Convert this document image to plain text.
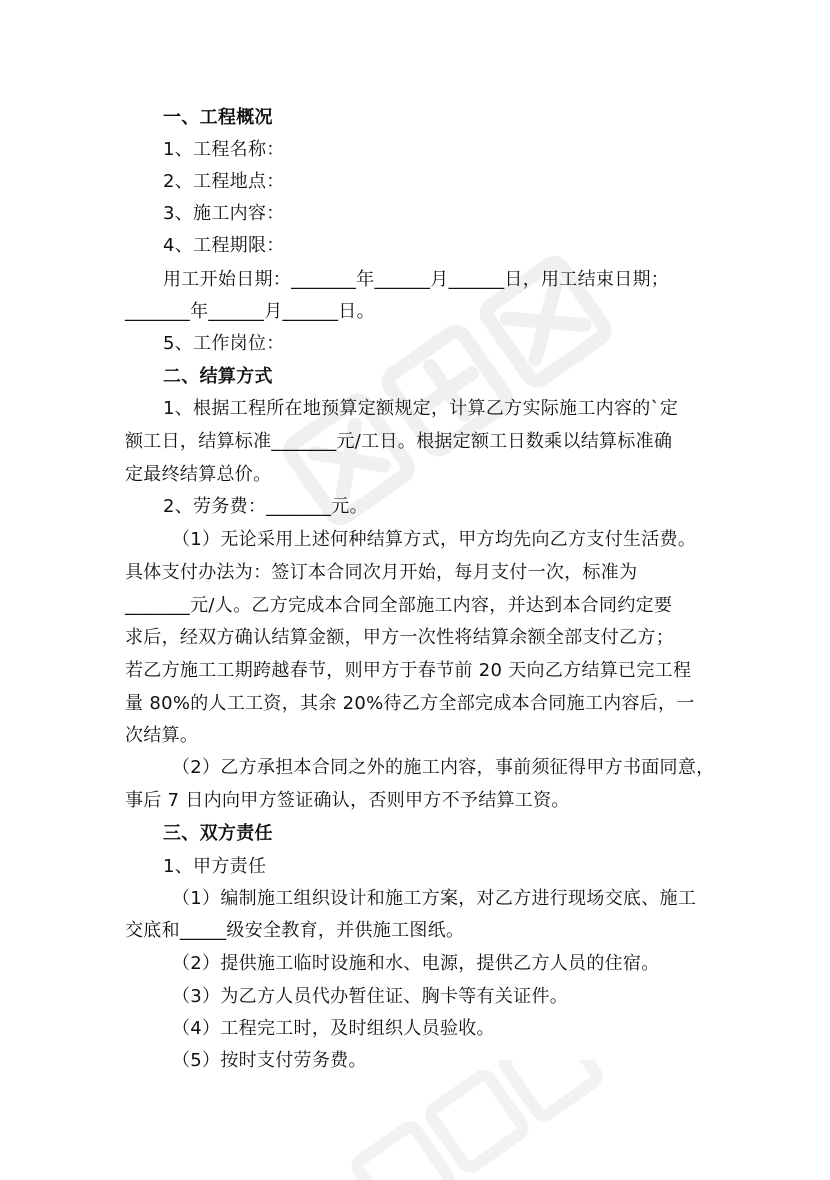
一、工程概况
1、工程名称：
2、工程地点：
3、施工内容：
4、工程期限：
用工开始日期：_______年______月______日，用工结束日期；
_______年______月______日。
5、工作岗位：
二、结算方式
1、根据工程所在地预算定额规定，计算乙方实际施工内容的`定
额工日，结算标准_______元/工日。根据定额工日数乘以结算标准确
定最终结算总价。
2、劳务费：_______元。
（1）无论采用上述何种结算方式，甲方均先向乙方支付生活费。
具体支付办法为：签订本合同次月开始，每月支付一次，标准为
_______元/人。乙方完成本合同全部施工内容，并达到本合同约定要
求后，经双方确认结算金额，甲方一次性将结算余额全部支付乙方；
若乙方施工工期跨越春节，则甲方于春节前 20 天向乙方结算已完工程
量 80%的人工工资，其余 20%待乙方全部完成本合同施工内容后，一
次结算。
（2）乙方承担本合同之外的施工内容，事前须征得甲方书面同意，
事后 7 日内向甲方签证确认，否则甲方不予结算工资。
三、双方责任
1、甲方责任
（1）编制施工组织设计和施工方案，对乙方进行现场交底、施工
交底和_____级安全教育，并供施工图纸。
（2）提供施工临时设施和水、电源，提供乙方人员的住宿。
（3）为乙方人员代办暂住证、胸卡等有关证件。
（4）工程完工时，及时组织人员验收。
（5）按时支付劳务费。
